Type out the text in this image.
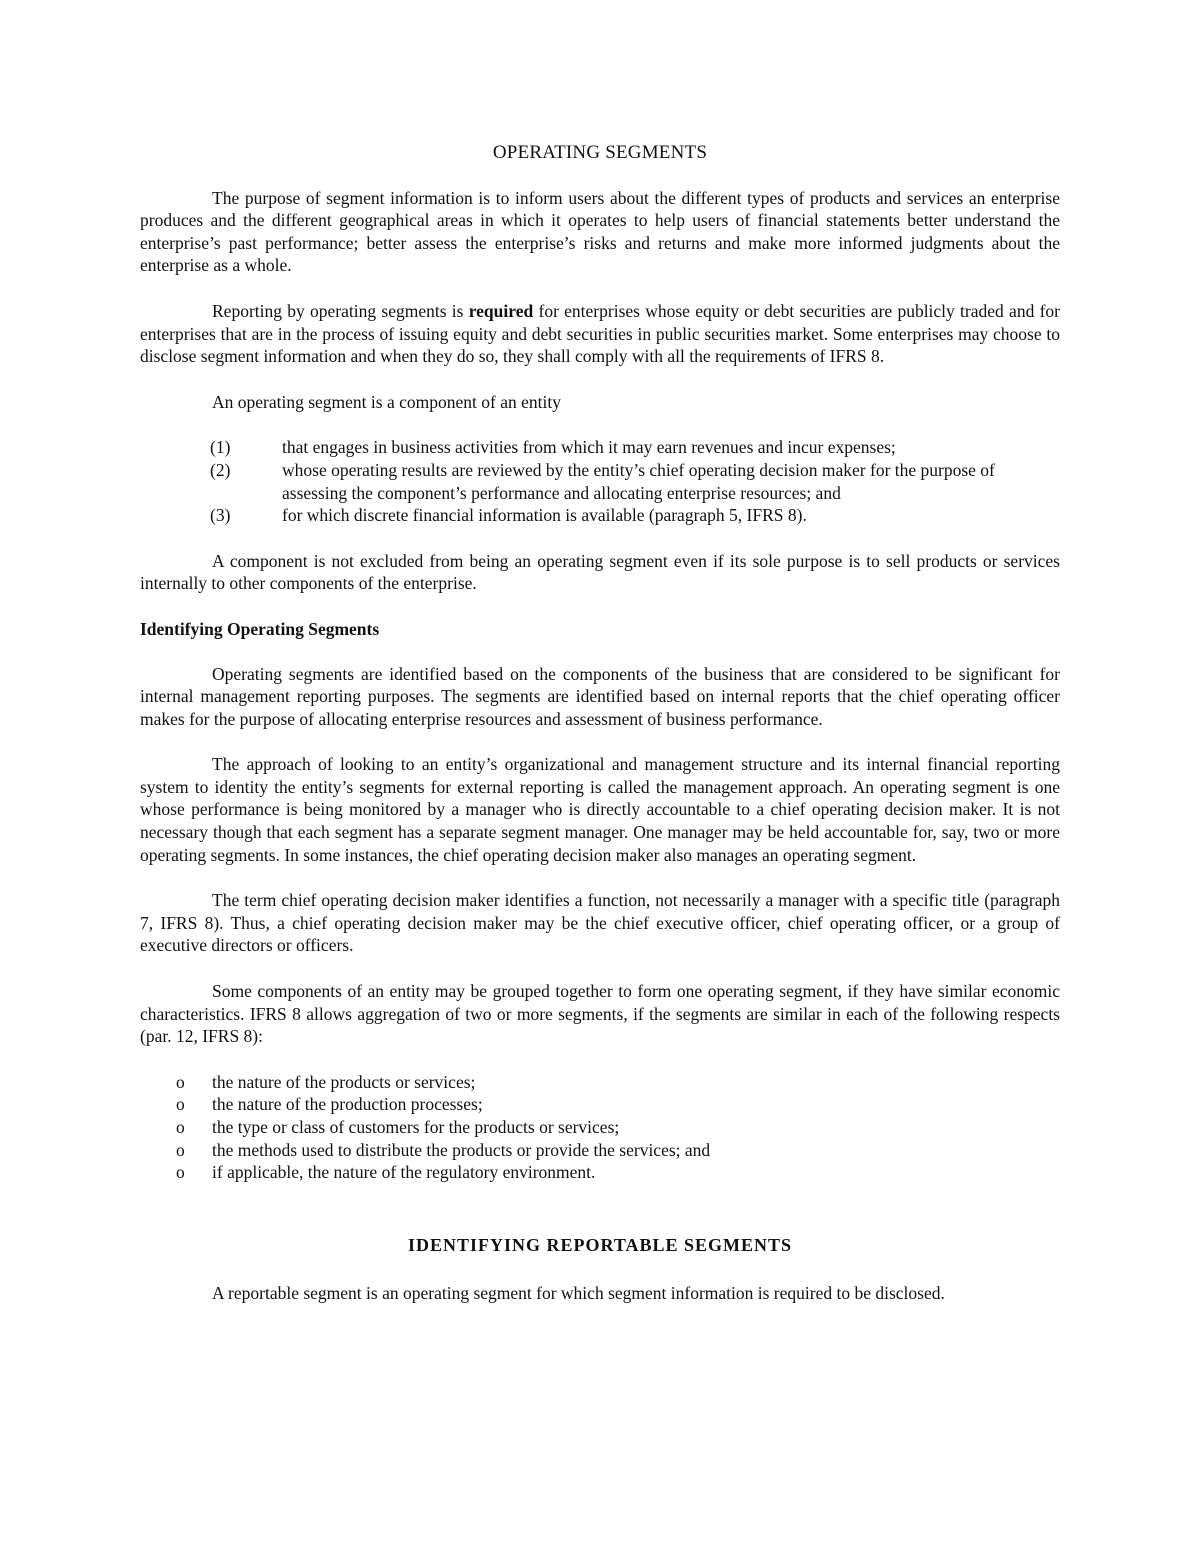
OPERATING SEGMENTS

The purpose of segment information is to inform users about the different types of products and services an enterprise produces and the different geographical areas in which it operates to help users of financial statements better understand the enterprise’s past performance; better assess the enterprise’s risks and returns and make more informed judgments about the enterprise as a whole.

Reporting by operating segments is required for enterprises whose equity or debt securities are publicly traded and for enterprises that are in the process of issuing equity and debt securities in public securities market. Some enterprises may choose to disclose segment information and when they do so, they shall comply with all the requirements of IFRS 8.

An operating segment is a component of an entity

(1)	that engages in business activities from which it may earn revenues and incur expenses;
(2)	whose operating results are reviewed by the entity’s chief operating decision maker for the purpose of assessing the component’s performance and allocating enterprise resources; and
(3)	for which discrete financial information is available (paragraph 5, IFRS 8).

A component is not excluded from being an operating segment even if its sole purpose is to sell products or services internally to other components of the enterprise.

Identifying Operating Segments

Operating segments are identified based on the components of the business that are considered to be significant for internal management reporting purposes. The segments are identified based on internal reports that the chief operating officer makes for the purpose of allocating enterprise resources and assessment of business performance.

The approach of looking to an entity’s organizational and management structure and its internal financial reporting system to identity the entity’s segments for external reporting is called the management approach. An operating segment is one whose performance is being monitored by a manager who is directly accountable to a chief operating decision maker. It is not necessary though that each segment has a separate segment manager. One manager may be held accountable for, say, two or more operating segments. In some instances, the chief operating decision maker also manages an operating segment.

The term chief operating decision maker identifies a function, not necessarily a manager with a specific title (paragraph 7, IFRS 8). Thus, a chief operating decision maker may be the chief executive officer, chief operating officer, or a group of executive directors or officers.

Some components of an entity may be grouped together to form one operating segment, if they have similar economic characteristics. IFRS 8 allows aggregation of two or more segments, if the segments are similar in each of the following respects (par. 12, IFRS 8):

o the nature of the products or services;
o the nature of the production processes;
o the type or class of customers for the products or services;
o the methods used to distribute the products or provide the services; and
o if applicable, the nature of the regulatory environment.
IDENTIFYING REPORTABLE SEGMENTS

A reportable segment is an operating segment for which segment information is required to be disclosed.
